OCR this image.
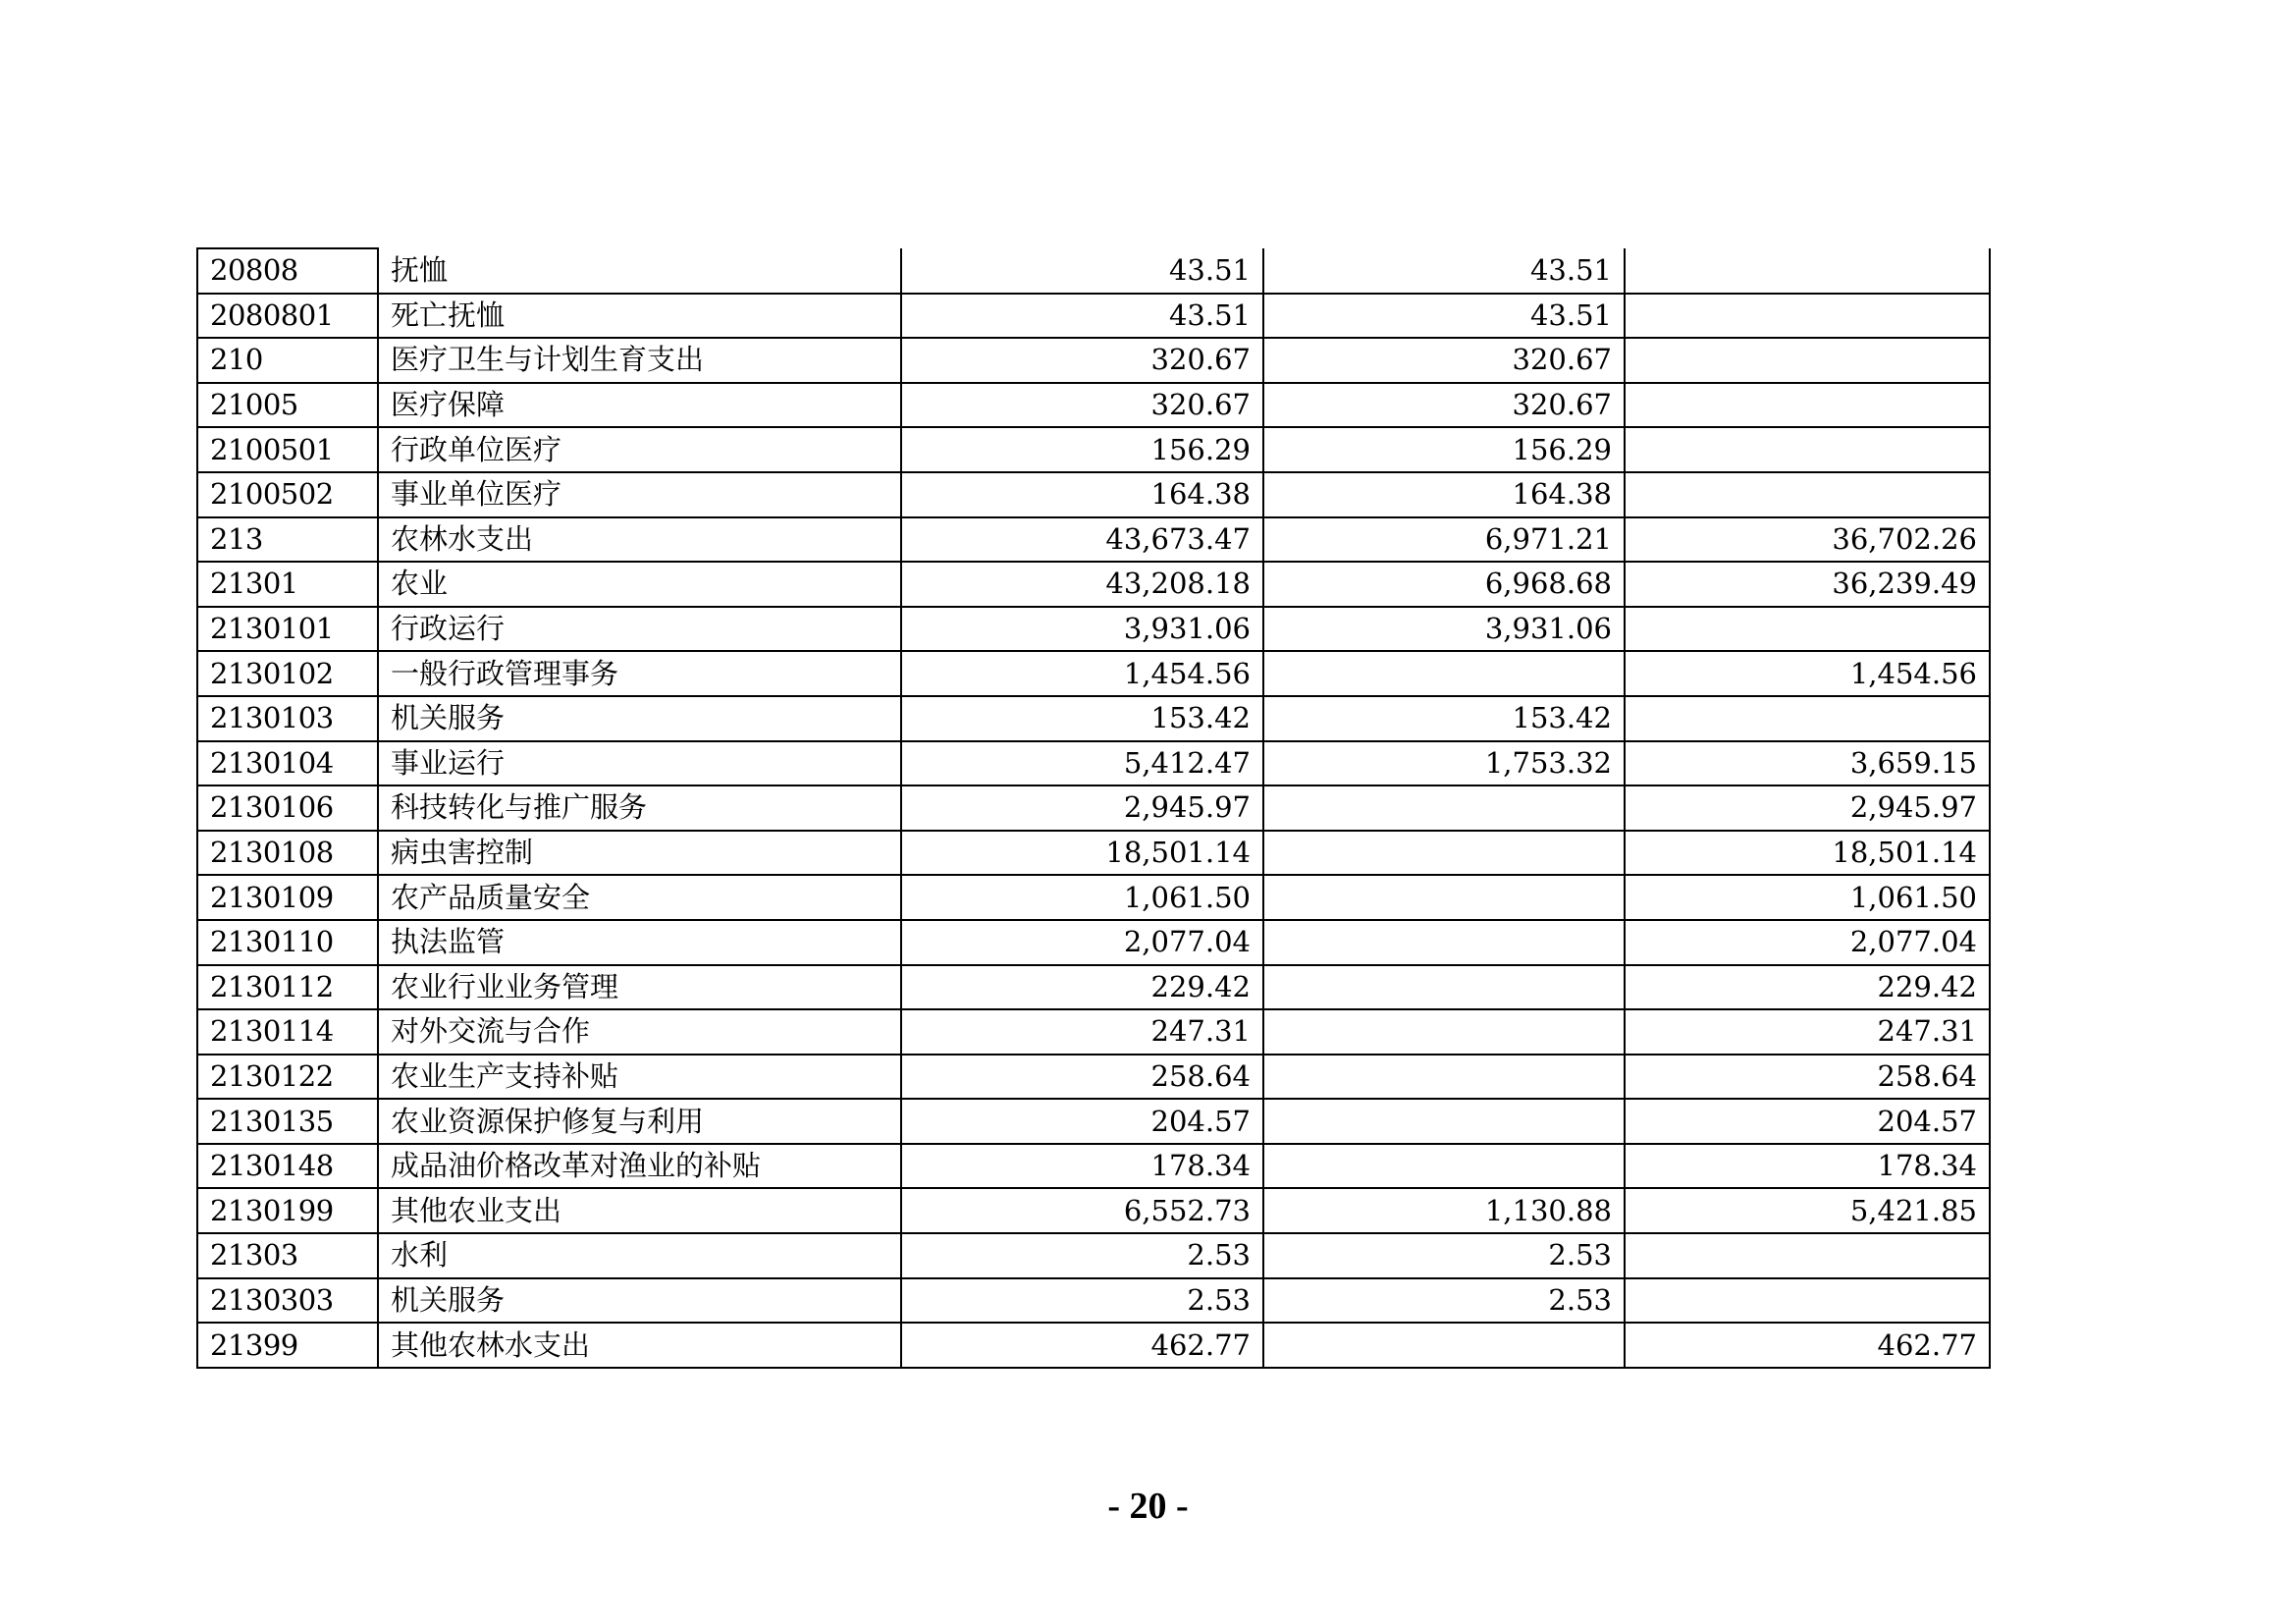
20808	抚恤	43.51	43.51	
2080801	死亡抚恤	43.51	43.51	
210	医疗卫生与计划生育支出	320.67	320.67	
21005	医疗保障	320.67	320.67	
2100501	行政单位医疗	156.29	156.29	
2100502	事业单位医疗	164.38	164.38	
213	农林水支出	43,673.47	6,971.21	36,702.26
21301	农业	43,208.18	6,968.68	36,239.49
2130101	行政运行	3,931.06	3,931.06	
2130102	一般行政管理事务	1,454.56		1,454.56
2130103	机关服务	153.42	153.42	
2130104	事业运行	5,412.47	1,753.32	3,659.15
2130106	科技转化与推广服务	2,945.97		2,945.97
2130108	病虫害控制	18,501.14		18,501.14
2130109	农产品质量安全	1,061.50		1,061.50
2130110	执法监管	2,077.04		2,077.04
2130112	农业行业业务管理	229.42		229.42
2130114	对外交流与合作	247.31		247.31
2130122	农业生产支持补贴	258.64		258.64
2130135	农业资源保护修复与利用	204.57		204.57
2130148	成品油价格改革对渔业的补贴	178.34		178.34
2130199	其他农业支出	6,552.73	1,130.88	5,421.85
21303	水利	2.53	2.53	
2130303	机关服务	2.53	2.53	
21399	其他农林水支出	462.77		462.77
- 20 -
